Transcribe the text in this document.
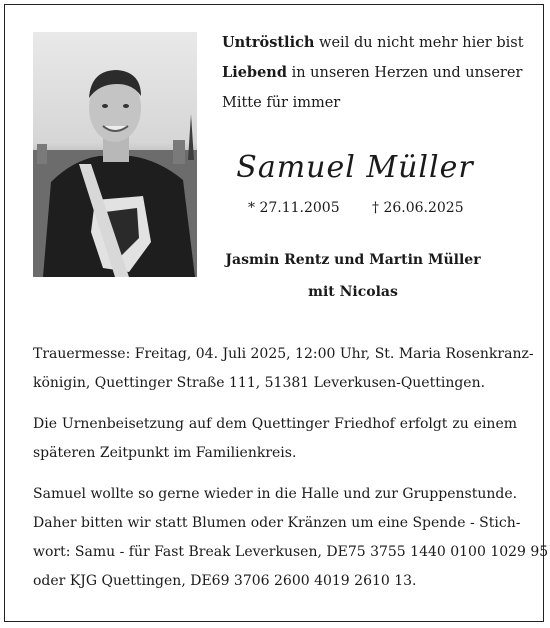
Untröstlich weil du nicht mehr hier bist
Liebend in unseren Herzen und unserer
Mitte für immer
Samuel Müller
* 27.11.2005 † 26.06.2025
Jasmin Rentz und Martin Müller
mit Nicolas
Trauermesse: Freitag, 04. Juli 2025, 12:00 Uhr, St. Maria Rosenkranz-
königin, Quettinger Straße 111, 51381 Leverkusen-Quettingen.
Die Urnenbeisetzung auf dem Quettinger Friedhof erfolgt zu einem
späteren Zeitpunkt im Familienkreis.
Samuel wollte so gerne wieder in die Halle und zur Gruppenstunde.
Daher bitten wir statt Blumen oder Kränzen um eine Spende - Stich-
wort: Samu - für Fast Break Leverkusen, DE75 3755 1440 0100 1029 95
oder KJG Quettingen, DE69 3706 2600 4019 2610 13.
